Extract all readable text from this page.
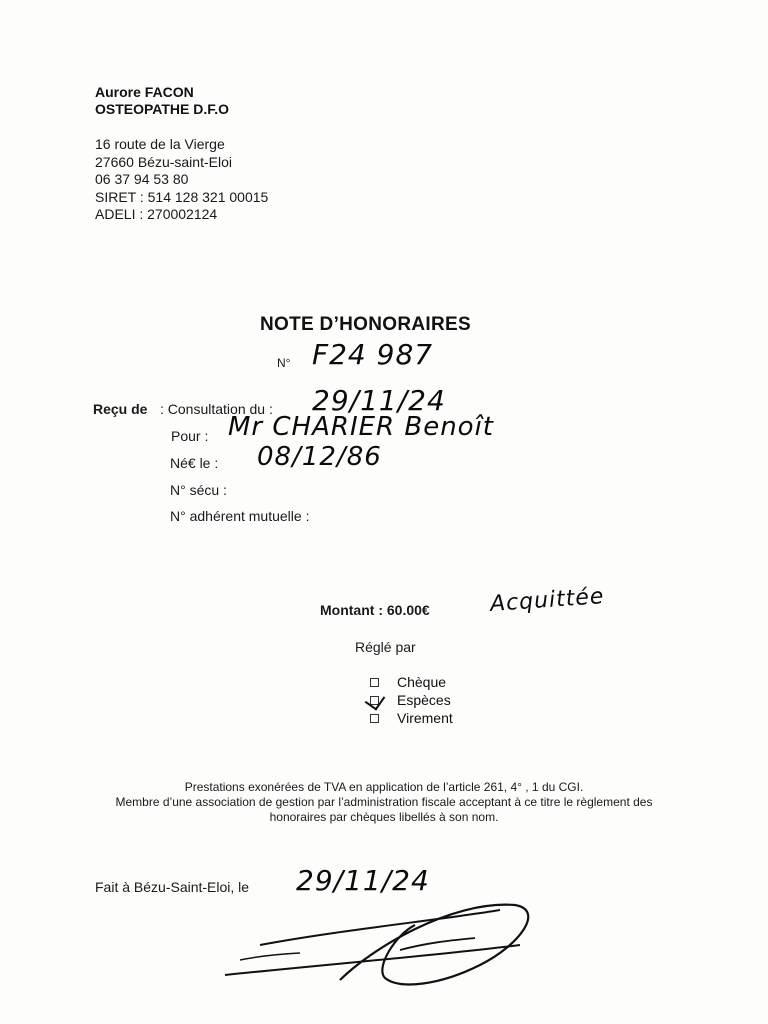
Aurore FACON
OSTEOPATHE D.F.O
16 route de la Vierge
27660 Bézu-saint-Eloi
06 37 94 53 80
SIRET : 514 128 321 00015
ADELI : 270002124
NOTE D’HONORAIRES
N° F24 987
Reçu de : Consultation du : 29/11/24
Pour : Mr CHARIER Benoît
Né€ le : 08/12/86
N° sécu :
N° adhérent mutuelle :
Montant : 60.00€	Acquittée
Réglé par
Chèque
Espèces
Virement
Prestations exonérées de TVA en application de l’article 261, 4° , 1 du CGI.
Membre d’une association de gestion par l’administration fiscale acceptant à ce titre le règlement des
honoraires par chèques libellés à son nom.
Fait à Bézu-Saint-Eloi, le 29/11/24
